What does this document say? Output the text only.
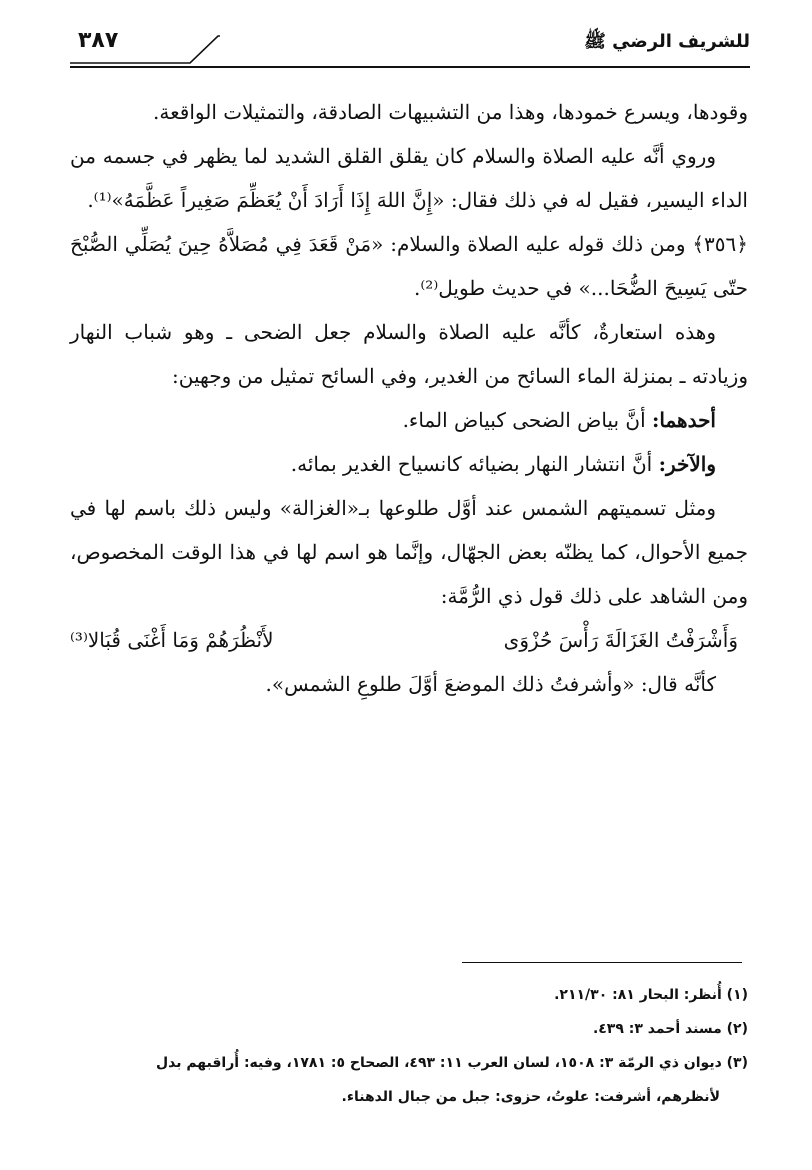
للشريف الرضي ﷺ
٣٨٧

وقودها، ويسرع خمودها، وهذا من التشبيهات الصادقة، والتمثيلات الواقعة.

وروي أنَّه عليه الصلاة والسلام كان يقلق القلق الشديد لما يظهر في جسمه من الداء اليسير، فقيل له في ذلك فقال: «إِنَّ اللهَ إِذَا أَرَادَ أَنْ يُعَظِّمَ صَغِيراً عَظَّمَهُ»⁽¹⁾.

﴿٣٥٦﴾ ومن ذلك قوله عليه الصلاة والسلام: «مَنْ قَعَدَ فِي مُصَلاَّهُ حِينَ يُصَلِّي الصُّبْحَ حتّى يَسِيحَ الضُّحَا...» في حديث طويل⁽²⁾.

وهذه استعارةٌ، كأنَّه عليه الصلاة والسلام جعل الضحى ـ وهو شباب النهار وزيادته ـ بمنزلة الماء السائح من الغدير، وفي السائح تمثيل من وجهين:

أحدهما: أنَّ بياض الضحى كبياض الماء.

والآخر: أنَّ انتشار النهار بضيائه كانسياح الغدير بمائه.

ومثل تسميتهم الشمس عند أوَّل طلوعها بـ«الغزالة» وليس ذلك باسم لها في جميع الأحوال، كما يظنّه بعض الجهّال، وإنَّما هو اسم لها في هذا الوقت المخصوص، ومن الشاهد على ذلك قول ذي الرُّمَّة:

وَأَشْرَفْتُ الغَزَالَةَ رَأْسَ حُزْوَى
لأَنْظُرَهُمْ وَمَا أَغْنَى قُبَالا⁽³⁾

كأنَّه قال: «وأشرفتُ ذلك الموضعَ أوَّلَ طلوعِ الشمس».

(١) أُنظر: البحار ٨١: ٢١١/٣٠.

(٢) مسند أحمد ٣: ٤٣٩.

(٣) ديوان ذي الرمّة ٣: ١٥٠٨، لسان العرب ١١: ٤٩٣، الصحاح ٥: ١٧٨١، وفيه: أُراقبهم بدل

لأنظرهم، أشرفت: علوتُ، حزوى: جبل من جبال الدهناء.
